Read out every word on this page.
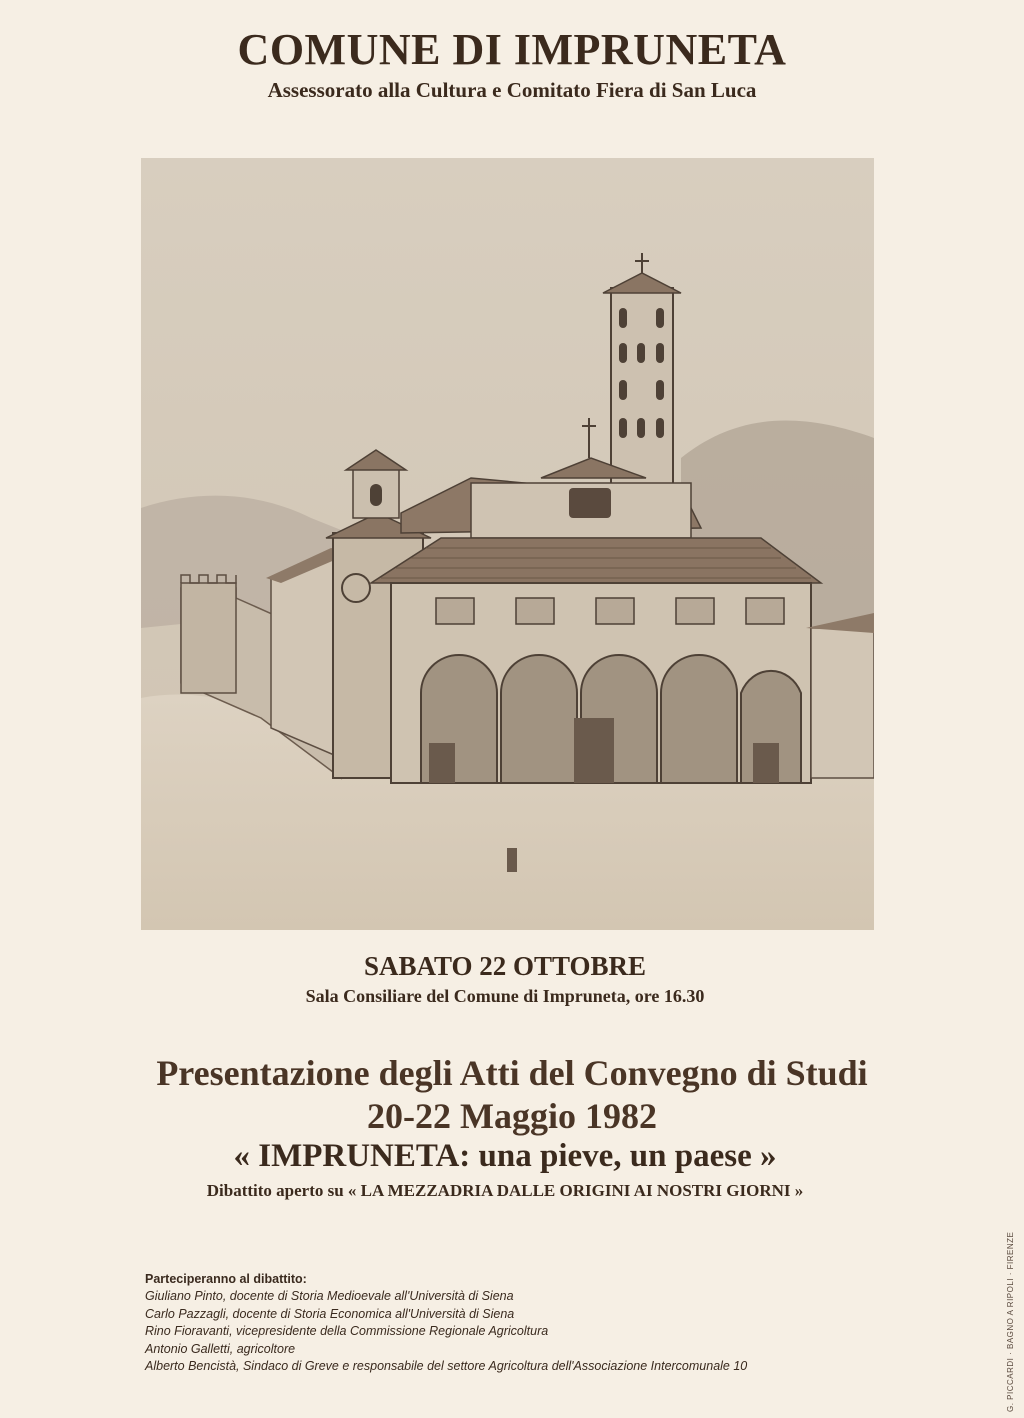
COMUNE DI IMPRUNETA
Assessorato alla Cultura e Comitato Fiera di San Luca
SABATO 22 OTTOBRE
Sala Consiliare del Comune di Impruneta, ore 16.30
Presentazione degli Atti del Convegno di Studi
20-22 Maggio 1982
« IMPRUNETA: una pieve, un paese »
Dibattito aperto su « LA MEZZADRIA DALLE ORIGINI AI NOSTRI GIORNI »
Parteciperanno al dibattito:
Giuliano Pinto, docente di Storia Medioevale all'Università di Siena
Carlo Pazzagli, docente di Storia Economica all'Università di Siena
Rino Fioravanti, vicepresidente della Commissione Regionale Agricoltura
Antonio Galletti, agricoltore
Alberto Bencistà, Sindaco di Greve e responsabile del settore Agricoltura dell'Associazione Intercomunale 10	G. PICCARDI · BAGNO A RIPOLI · FIRENZE
